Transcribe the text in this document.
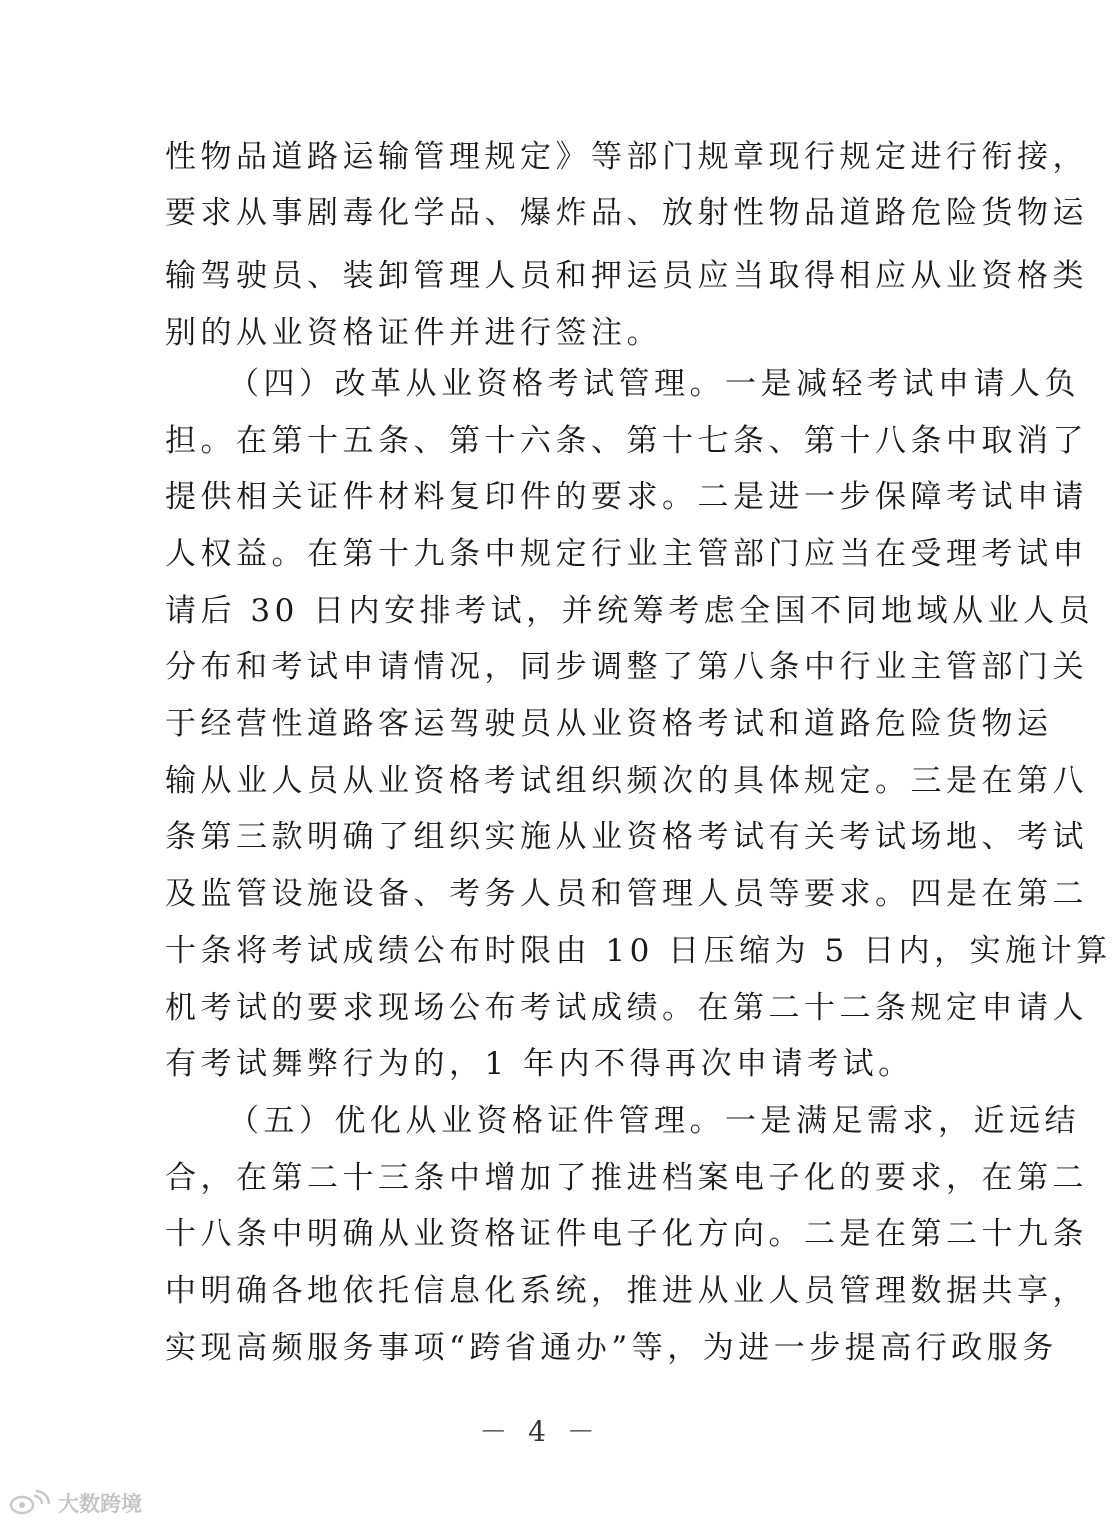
性物品道路运输管理规定》等部门规章现行规定进行衔接，
要求从事剧毒化学品、爆炸品、放射性物品道路危险货物运
输驾驶员、装卸管理人员和押运员应当取得相应从业资格类
别的从业资格证件并进行签注。
（四）改革从业资格考试管理。一是减轻考试申请人负
担。在第十五条、第十六条、第十七条、第十八条中取消了
提供相关证件材料复印件的要求。二是进一步保障考试申请
人权益。在第十九条中规定行业主管部门应当在受理考试申
请后 30 日内安排考试，并统筹考虑全国不同地域从业人员
分布和考试申请情况，同步调整了第八条中行业主管部门关
于经营性道路客运驾驶员从业资格考试和道路危险货物运
输从业人员从业资格考试组织频次的具体规定。三是在第八
条第三款明确了组织实施从业资格考试有关考试场地、考试
及监管设施设备、考务人员和管理人员等要求。四是在第二
十条将考试成绩公布时限由 10 日压缩为 5 日内，实施计算
机考试的要求现场公布考试成绩。在第二十二条规定申请人
有考试舞弊行为的，1 年内不得再次申请考试。
（五）优化从业资格证件管理。一是满足需求，近远结
合，在第二十三条中增加了推进档案电子化的要求，在第二
十八条中明确从业资格证件电子化方向。二是在第二十九条
中明确各地依托信息化系统，推进从业人员管理数据共享，
实现高频服务事项“跨省通办”等，为进一步提高行政服务
－ 4 －
大数跨境
